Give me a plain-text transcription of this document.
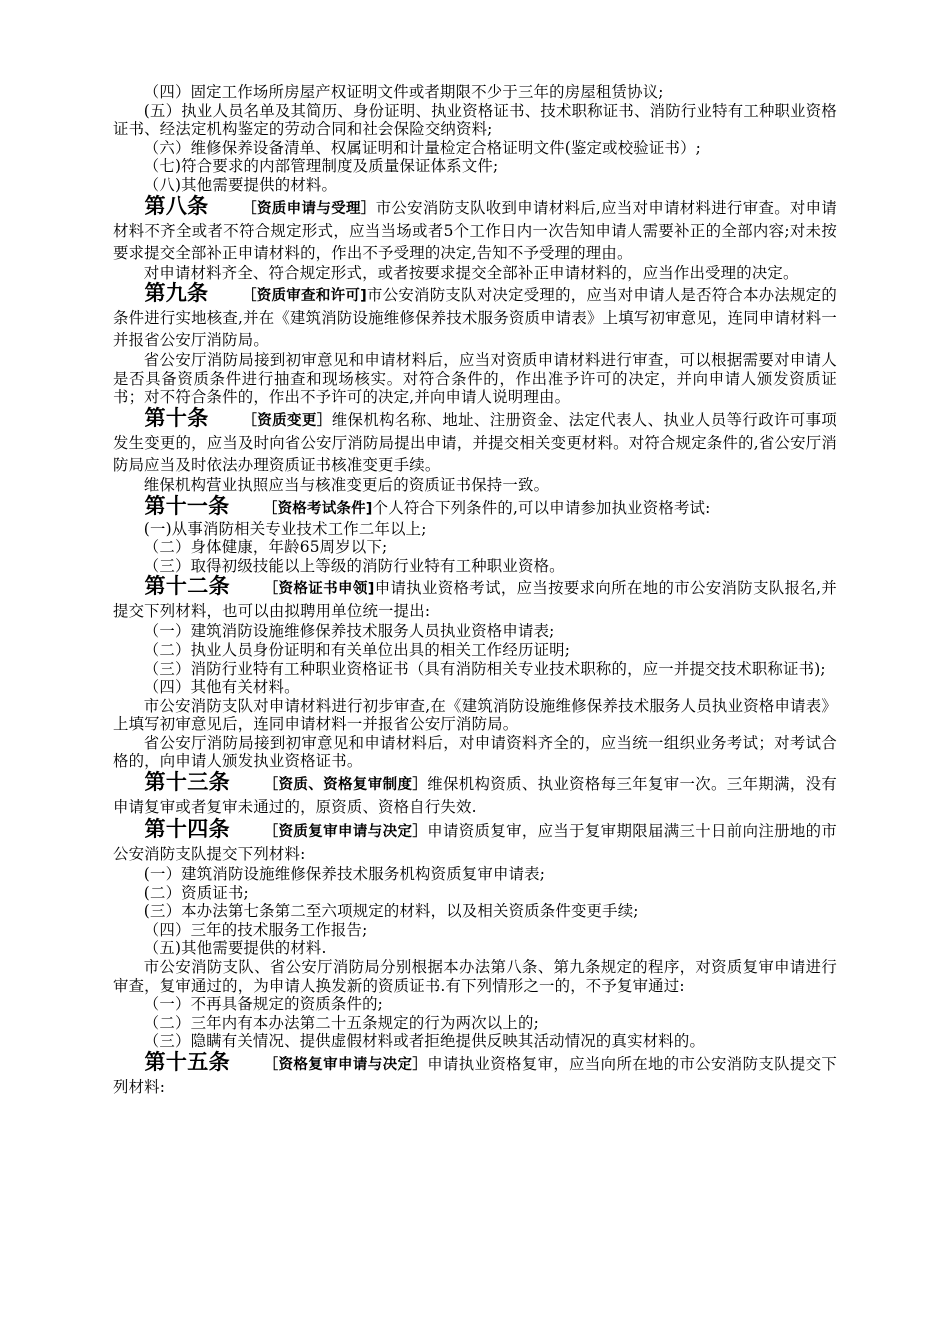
（四）固定工作场所房屋产权证明文件或者期限不少于三年的房屋租赁协议;

(五）执业人员名单及其简历、身份证明、执业资格证书、技术职称证书、消防行业特有工种职业资格证书、经法定机构鉴定的劳动合同和社会保险交纳资料;

（六）维修保养设备清单、权属证明和计量检定合格证明文件(鉴定或校验证书）;

（七)符合要求的内部管理制度及质量保证体系文件;

（八)其他需要提供的材料。

第八条 ［资质申请与受理］市公安消防支队收到申请材料后,应当对申请材料进行审查。对申请材料不齐全或者不符合规定形式，应当当场或者5个工作日内一次告知申请人需要补正的全部内容;对未按要求提交全部补正申请材料的，作出不予受理的决定,告知不予受理的理由。

对申请材料齐全、符合规定形式，或者按要求提交全部补正申请材料的，应当作出受理的决定。

第九条 ［资质审查和许可]市公安消防支队对决定受理的，应当对申请人是否符合本办法规定的条件进行实地核查,并在《建筑消防设施维修保养技术服务资质申请表》上填写初审意见，连同申请材料一并报省公安厅消防局。

省公安厅消防局接到初审意见和申请材料后，应当对资质申请材料进行审查，可以根据需要对申请人是否具备资质条件进行抽查和现场核实。对符合条件的，作出准予许可的决定，并向申请人颁发资质证书；对不符合条件的，作出不予许可的决定,并向申请人说明理由。

第十条 ［资质变更］维保机构名称、地址、注册资金、法定代表人、执业人员等行政许可事项发生变更的，应当及时向省公安厅消防局提出申请，并提交相关变更材料。对符合规定条件的,省公安厅消防局应当及时依法办理资质证书核准变更手续。

维保机构营业执照应当与核准变更后的资质证书保持一致。

第十一条 ［资格考试条件]个人符合下列条件的,可以申请参加执业资格考试:

(一)从事消防相关专业技术工作二年以上;

（二）身体健康，年龄65周岁以下;

（三）取得初级技能以上等级的消防行业特有工种职业资格。

第十二条 ［资格证书申领]申请执业资格考试，应当按要求向所在地的市公安消防支队报名,并提交下列材料，也可以由拟聘用单位统一提出:

（一）建筑消防设施维修保养技术服务人员执业资格申请表;

（二）执业人员身份证明和有关单位出具的相关工作经历证明;

（三）消防行业特有工种职业资格证书（具有消防相关专业技术职称的，应一并提交技术职称证书);

（四）其他有关材料。

市公安消防支队对申请材料进行初步审查,在《建筑消防设施维修保养技术服务人员执业资格申请表》上填写初审意见后，连同申请材料一并报省公安厅消防局。

省公安厅消防局接到初审意见和申请材料后，对申请资料齐全的，应当统一组织业务考试；对考试合格的，向申请人颁发执业资格证书。

第十三条 ［资质、资格复审制度］维保机构资质、执业资格每三年复审一次。三年期满，没有申请复审或者复审未通过的，原资质、资格自行失效.

第十四条 ［资质复审申请与决定］申请资质复审，应当于复审期限届满三十日前向注册地的市公安消防支队提交下列材料:

(一）建筑消防设施维修保养技术服务机构资质复审申请表;

(二）资质证书;

(三）本办法第七条第二至六项规定的材料，以及相关资质条件变更手续;

（四）三年的技术服务工作报告;

（五)其他需要提供的材料.

市公安消防支队、省公安厅消防局分别根据本办法第八条、第九条规定的程序，对资质复审申请进行审查，复审通过的，为申请人换发新的资质证书.有下列情形之一的，不予复审通过:

（一）不再具备规定的资质条件的;

（二）三年内有本办法第二十五条规定的行为两次以上的;

（三）隐瞒有关情况、提供虚假材料或者拒绝提供反映其活动情况的真实材料的。

第十五条 ［资格复审申请与决定］申请执业资格复审，应当向所在地的市公安消防支队提交下列材料:
